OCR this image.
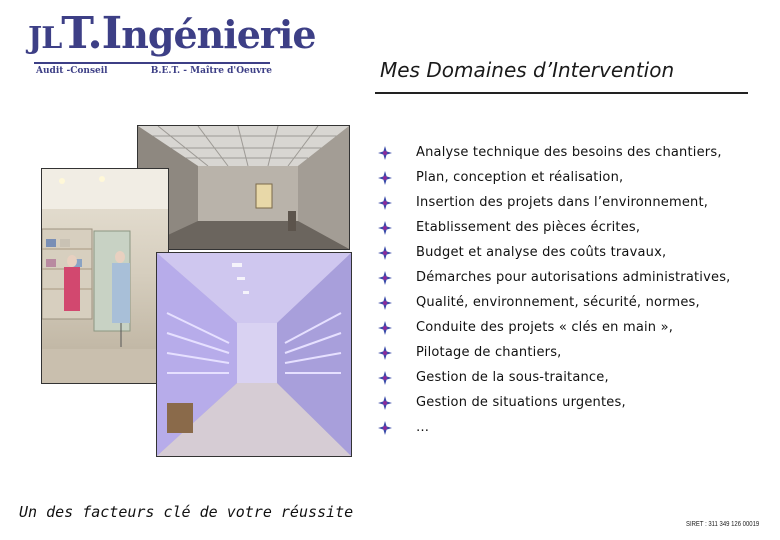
JLT.Ingénierie
Audit -Conseil	B.E.T. - Maître d'Oeuvre	Mes Domaines d’Intervention
Analyse technique des besoins des chantiers,
Plan, conception et réalisation,
Insertion des projets dans l’environnement,
Etablissement des pièces écrites,
Budget et analyse des coûts travaux,
Démarches pour autorisations administratives,
Qualité, environnement, sécurité, normes,
Conduite des projets « clés en main »,
Pilotage de chantiers,
Gestion de la sous-traitance,
Gestion de situations urgentes,
…
Un des facteurs clé de votre réussite
SIRET : 311 349 126 00019
